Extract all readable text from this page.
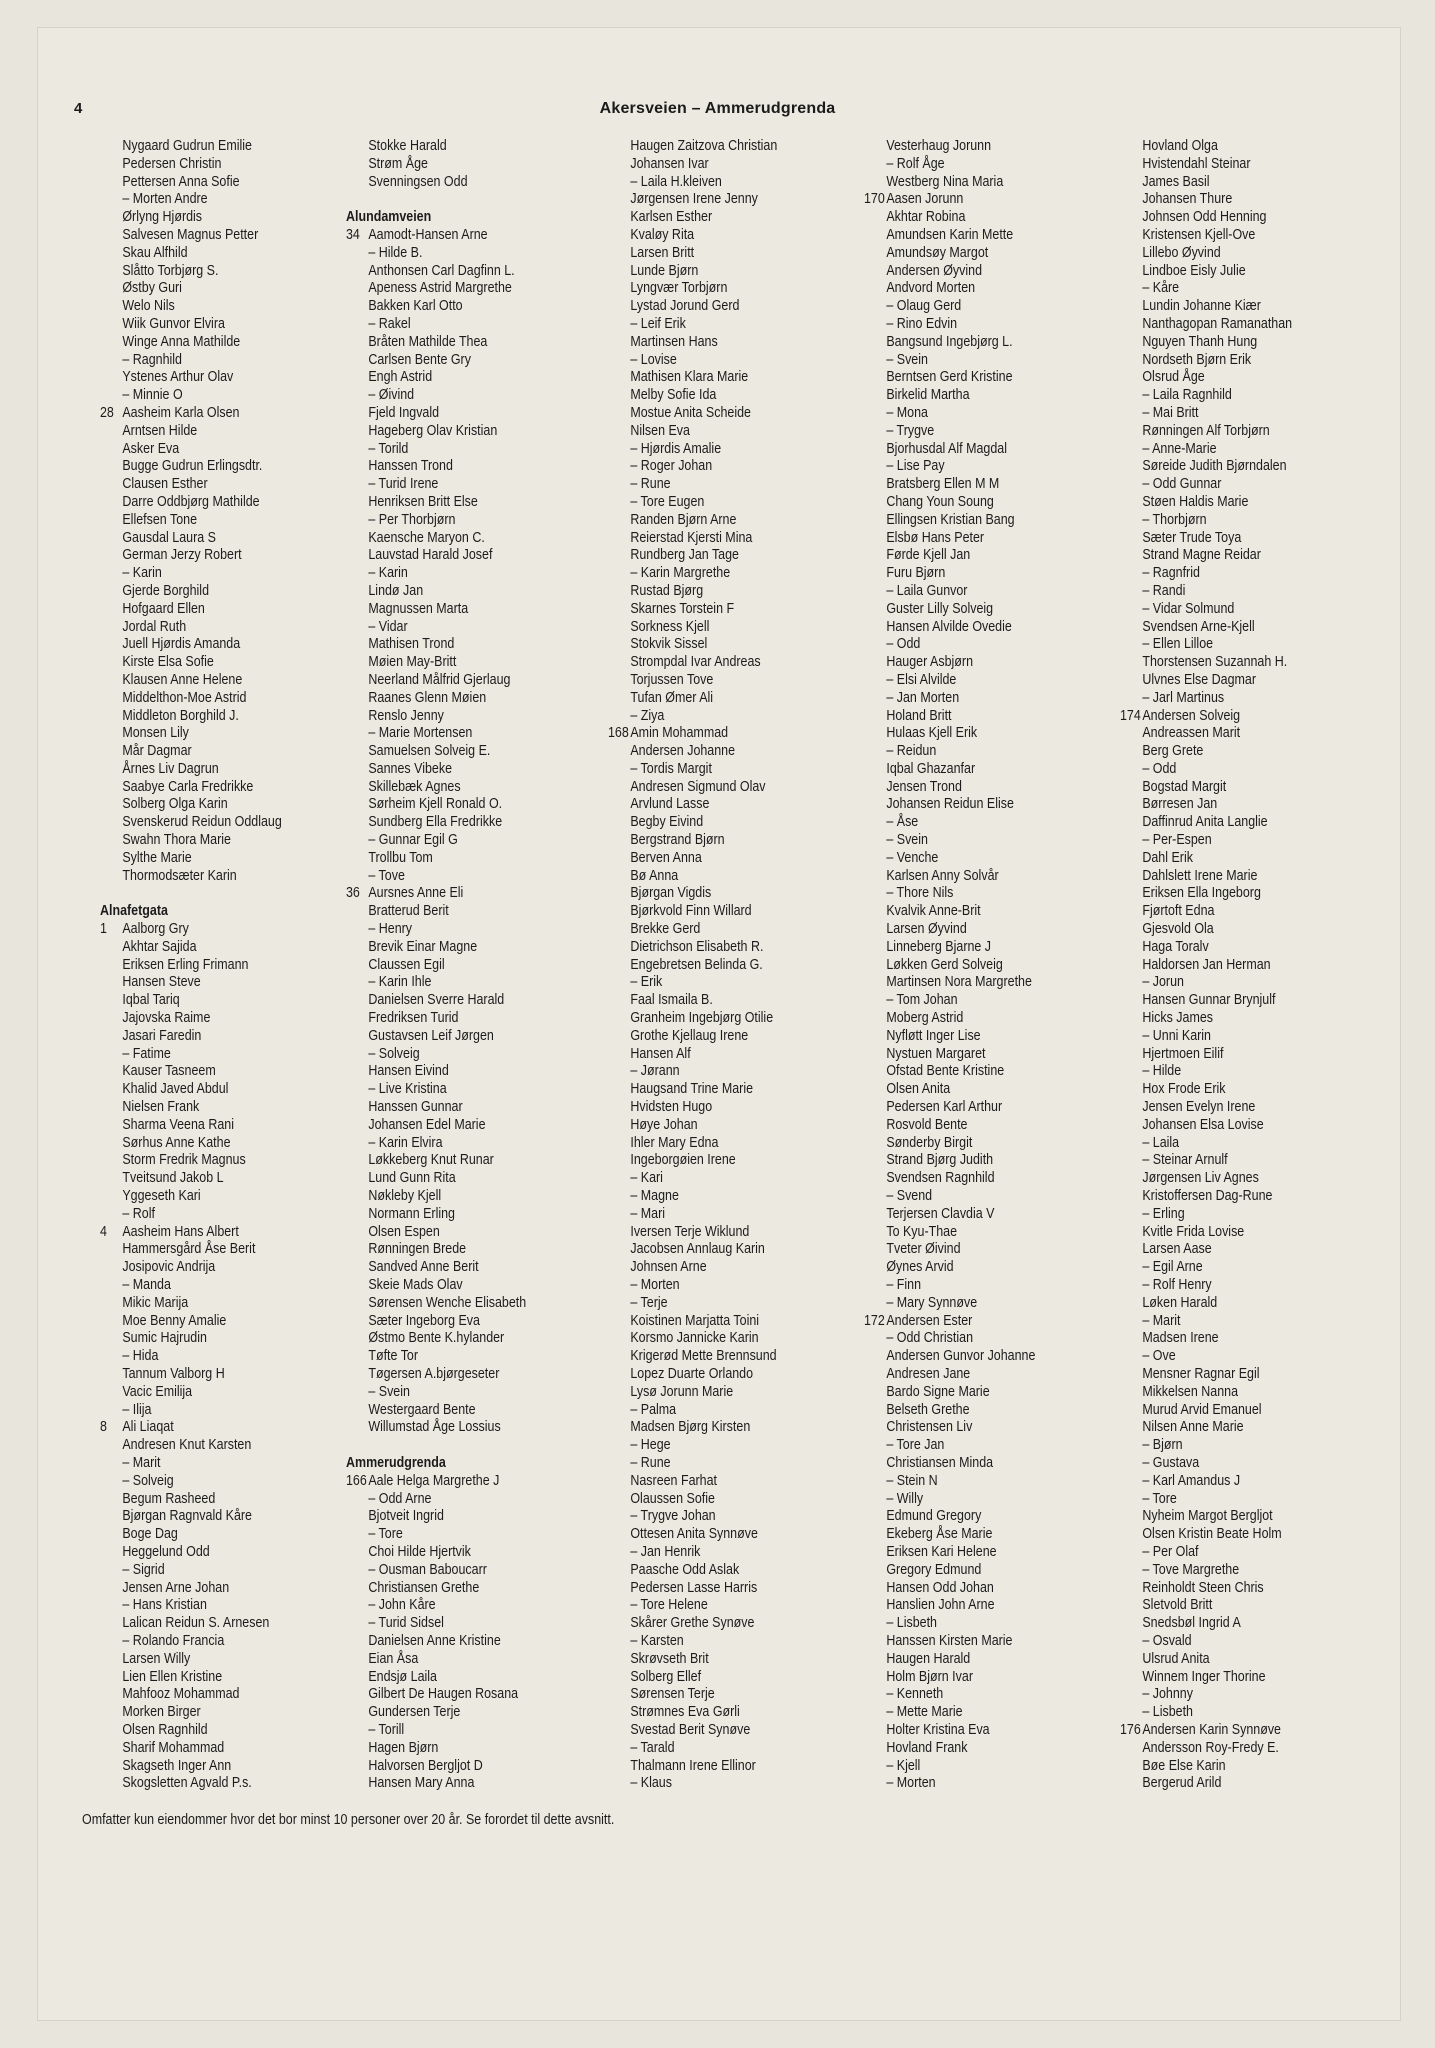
4	Akersveien – Ammerudgrenda
Nygaard Gudrun Emilie
Pedersen Christin
Pettersen Anna Sofie
– Morten Andre
Ørlyng Hjørdis
Salvesen Magnus Petter
Skau Alfhild
Slåtto Torbjørg S.
Østby Guri
Welo Nils
Wiik Gunvor Elvira
Winge Anna Mathilde
– Ragnhild
Ystenes Arthur Olav
– Minnie O
28 Aasheim Karla Olsen
Arntsen Hilde
Asker Eva
Bugge Gudrun Erlingsdtr.
Clausen Esther
Darre Oddbjørg Mathilde
Ellefsen Tone
Gausdal Laura S
German Jerzy Robert
– Karin
Gjerde Borghild
Hofgaard Ellen
Jordal Ruth
Juell Hjørdis Amanda
Kirste Elsa Sofie
Klausen Anne Helene
Middelthon-Moe Astrid
Middleton Borghild J.
Monsen Lily
Mår Dagmar
Årnes Liv Dagrun
Saabye Carla Fredrikke
Solberg Olga Karin
Svenskerud Reidun Oddlaug
Swahn Thora Marie
Sylthe Marie
Thormodsæter Karin
Alnafetgata
1 Aalborg Gry
Akhtar Sajida
Eriksen Erling Frimann
Hansen Steve
Iqbal Tariq
Jajovska Raime
Jasari Faredin
– Fatime
Kauser Tasneem
Khalid Javed Abdul
Nielsen Frank
Sharma Veena Rani
Sørhus Anne Kathe
Storm Fredrik Magnus
Tveitsund Jakob L
Yggeseth Kari
– Rolf
4 Aasheim Hans Albert
Hammersgård Åse Berit
Josipovic Andrija
– Manda
Mikic Marija
Moe Benny Amalie
Sumic Hajrudin
– Hida
Tannum Valborg H
Vacic Emilija
– Ilija
8 Ali Liaqat
Andresen Knut Karsten
– Marit
– Solveig
Begum Rasheed
Bjørgan Ragnvald Kåre
Boge Dag
Heggelund Odd
– Sigrid
Jensen Arne Johan
– Hans Kristian
Lalican Reidun S. Arnesen
– Rolando Francia
Larsen Willy
Lien Ellen Kristine
Mahfooz Mohammad
Morken Birger
Olsen Ragnhild
Sharif Mohammad
Skagseth Inger Ann
Skogsletten Agvald P.s.
Stokke Harald
Strøm Åge
Svenningsen Odd
Alundamveien
34 Aamodt-Hansen Arne
– Hilde B.
Anthonsen Carl Dagfinn L.
Apeness Astrid Margrethe
Bakken Karl Otto
– Rakel
Bråten Mathilde Thea
Carlsen Bente Gry
Engh Astrid
– Øivind
Fjeld Ingvald
Hageberg Olav Kristian
– Torild
Hanssen Trond
– Turid Irene
Henriksen Britt Else
– Per Thorbjørn
Kaensche Maryon C.
Lauvstad Harald Josef
– Karin
Lindø Jan
Magnussen Marta
– Vidar
Mathisen Trond
Møien May-Britt
Neerland Målfrid Gjerlaug
Raanes Glenn Møien
Renslo Jenny
– Marie Mortensen
Samuelsen Solveig E.
Sannes Vibeke
Skillebæk Agnes
Sørheim Kjell Ronald O.
Sundberg Ella Fredrikke
– Gunnar Egil G
Trollbu Tom
– Tove
36 Aursnes Anne Eli
Bratterud Berit
– Henry
Brevik Einar Magne
Claussen Egil
– Karin Ihle
Danielsen Sverre Harald
Fredriksen Turid
Gustavsen Leif Jørgen
– Solveig
Hansen Eivind
– Live Kristina
Hanssen Gunnar
Johansen Edel Marie
– Karin Elvira
Løkkeberg Knut Runar
Lund Gunn Rita
Nøkleby Kjell
Normann Erling
Olsen Espen
Rønningen Brede
Sandved Anne Berit
Skeie Mads Olav
Sørensen Wenche Elisabeth
Sæter Ingeborg Eva
Østmo Bente K.hylander
Tøfte Tor
Tøgersen A.bjørgeseter
– Svein
Westergaard Bente
Willumstad Åge Lossius
Ammerudgrenda
166 Aale Helga Margrethe J
– Odd Arne
Bjotveit Ingrid
– Tore
Choi Hilde Hjertvik
– Ousman Baboucarr
Christiansen Grethe
– John Kåre
– Turid Sidsel
Danielsen Anne Kristine
Eian Åsa
Endsjø Laila
Gilbert De Haugen Rosana
Gundersen Terje
– Torill
Hagen Bjørn
Halvorsen Bergljot D
Hansen Mary Anna
Haugen Zaitzova Christian
Johansen Ivar
– Laila H.kleiven
Jørgensen Irene Jenny
Karlsen Esther
Kvaløy Rita
Larsen Britt
Lunde Bjørn
Lyngvær Torbjørn
Lystad Jorund Gerd
– Leif Erik
Martinsen Hans
– Lovise
Mathisen Klara Marie
Melby Sofie Ida
Mostue Anita Scheide
Nilsen Eva
– Hjørdis Amalie
– Roger Johan
– Rune
– Tore Eugen
Randen Bjørn Arne
Reierstad Kjersti Mina
Rundberg Jan Tage
– Karin Margrethe
Rustad Bjørg
Skarnes Torstein F
Sorkness Kjell
Stokvik Sissel
Strompdal Ivar Andreas
Torjussen Tove
Tufan Ømer Ali
– Ziya
168 Amin Mohammad
Andersen Johanne
– Tordis Margit
Andresen Sigmund Olav
Arvlund Lasse
Begby Eivind
Bergstrand Bjørn
Berven Anna
Bø Anna
Bjørgan Vigdis
Bjørkvold Finn Willard
Brekke Gerd
Dietrichson Elisabeth R.
Engebretsen Belinda G.
– Erik
Faal Ismaila B.
Granheim Ingebjørg Otilie
Grothe Kjellaug Irene
Hansen Alf
– Jørann
Haugsand Trine Marie
Hvidsten Hugo
Høye Johan
Ihler Mary Edna
Ingeborgøien Irene
– Kari
– Magne
– Mari
Iversen Terje Wiklund
Jacobsen Annlaug Karin
Johnsen Arne
– Morten
– Terje
Koistinen Marjatta Toini
Korsmo Jannicke Karin
Krigerød Mette Brennsund
Lopez Duarte Orlando
Lysø Jorunn Marie
– Palma
Madsen Bjørg Kirsten
– Hege
– Rune
Nasreen Farhat
Olaussen Sofie
– Trygve Johan
Ottesen Anita Synnøve
– Jan Henrik
Paasche Odd Aslak
Pedersen Lasse Harris
– Tore Helene
Skårer Grethe Synøve
– Karsten
Skrøvseth Brit
Solberg Ellef
Sørensen Terje
Strømnes Eva Gørli
Svestad Berit Synøve
– Tarald
Thalmann Irene Ellinor
– Klaus
Vesterhaug Jorunn
– Rolf Åge
Westberg Nina Maria
170 Aasen Jorunn
Akhtar Robina
Amundsen Karin Mette
Amundsøy Margot
Andersen Øyvind
Andvord Morten
– Olaug Gerd
– Rino Edvin
Bangsund Ingebjørg L.
– Svein
Berntsen Gerd Kristine
Birkelid Martha
– Mona
– Trygve
Bjorhusdal Alf Magdal
– Lise Pay
Bratsberg Ellen M M
Chang Youn Soung
Ellingsen Kristian Bang
Elsbø Hans Peter
Førde Kjell Jan
Furu Bjørn
– Laila Gunvor
Guster Lilly Solveig
Hansen Alvilde Ovedie
– Odd
Hauger Asbjørn
– Elsi Alvilde
– Jan Morten
Holand Britt
Hulaas Kjell Erik
– Reidun
Iqbal Ghazanfar
Jensen Trond
Johansen Reidun Elise
– Åse
– Svein
– Venche
Karlsen Anny Solvår
– Thore Nils
Kvalvik Anne-Brit
Larsen Øyvind
Linneberg Bjarne J
Løkken Gerd Solveig
Martinsen Nora Margrethe
– Tom Johan
Moberg Astrid
Nyfløtt Inger Lise
Nystuen Margaret
Ofstad Bente Kristine
Olsen Anita
Pedersen Karl Arthur
Rosvold Bente
Sønderby Birgit
Strand Bjørg Judith
Svendsen Ragnhild
– Svend
Terjersen Clavdia V
To Kyu-Thae
Tveter Øivind
Øynes Arvid
– Finn
– Mary Synnøve
172 Andersen Ester
– Odd Christian
Andersen Gunvor Johanne
Andresen Jane
Bardo Signe Marie
Belseth Grethe
Christensen Liv
– Tore Jan
Christiansen Minda
– Stein N
– Willy
Edmund Gregory
Ekeberg Åse Marie
Eriksen Kari Helene
Gregory Edmund
Hansen Odd Johan
Hanslien John Arne
– Lisbeth
Hanssen Kirsten Marie
Haugen Harald
Holm Bjørn Ivar
– Kenneth
– Mette Marie
Holter Kristina Eva
Hovland Frank
– Kjell
– Morten
Hovland Olga
Hvistendahl Steinar
James Basil
Johansen Thure
Johnsen Odd Henning
Kristensen Kjell-Ove
Lillebo Øyvind
Lindboe Eisly Julie
– Kåre
Lundin Johanne Kiær
Nanthagopan Ramanathan
Nguyen Thanh Hung
Nordseth Bjørn Erik
Olsrud Åge
– Laila Ragnhild
– Mai Britt
Rønningen Alf Torbjørn
– Anne-Marie
Søreide Judith Bjørndalen
– Odd Gunnar
Støen Haldis Marie
– Thorbjørn
Sæter Trude Toya
Strand Magne Reidar
– Ragnfrid
– Randi
– Vidar Solmund
Svendsen Arne-Kjell
– Ellen Lilloe
Thorstensen Suzannah H.
Ulvnes Else Dagmar
– Jarl Martinus
174 Andersen Solveig
Andreassen Marit
Berg Grete
– Odd
Bogstad Margit
Børresen Jan
Daffinrud Anita Langlie
– Per-Espen
Dahl Erik
Dahlslett Irene Marie
Eriksen Ella Ingeborg
Fjørtoft Edna
Gjesvold Ola
Haga Toralv
Haldorsen Jan Herman
– Jorun
Hansen Gunnar Brynjulf
Hicks James
– Unni Karin
Hjertmoen Eilif
– Hilde
Hox Frode Erik
Jensen Evelyn Irene
Johansen Elsa Lovise
– Laila
– Steinar Arnulf
Jørgensen Liv Agnes
Kristoffersen Dag-Rune
– Erling
Kvitle Frida Lovise
Larsen Aase
– Egil Arne
– Rolf Henry
Løken Harald
– Marit
Madsen Irene
– Ove
Mensner Ragnar Egil
Mikkelsen Nanna
Murud Arvid Emanuel
Nilsen Anne Marie
– Bjørn
– Gustava
– Karl Amandus J
– Tore
Nyheim Margot Bergljot
Olsen Kristin Beate Holm
– Per Olaf
– Tove Margrethe
Reinholdt Steen Chris
Sletvold Britt
Snedsbøl Ingrid A
– Osvald
Ulsrud Anita
Winnem Inger Thorine
– Johnny
– Lisbeth
176 Andersen Karin Synnøve
Andersson Roy-Fredy E.
Bøe Else Karin
Bergerud Arild
Omfatter kun eiendommer hvor det bor minst 10 personer over 20 år. Se forordet til dette avsnitt.
